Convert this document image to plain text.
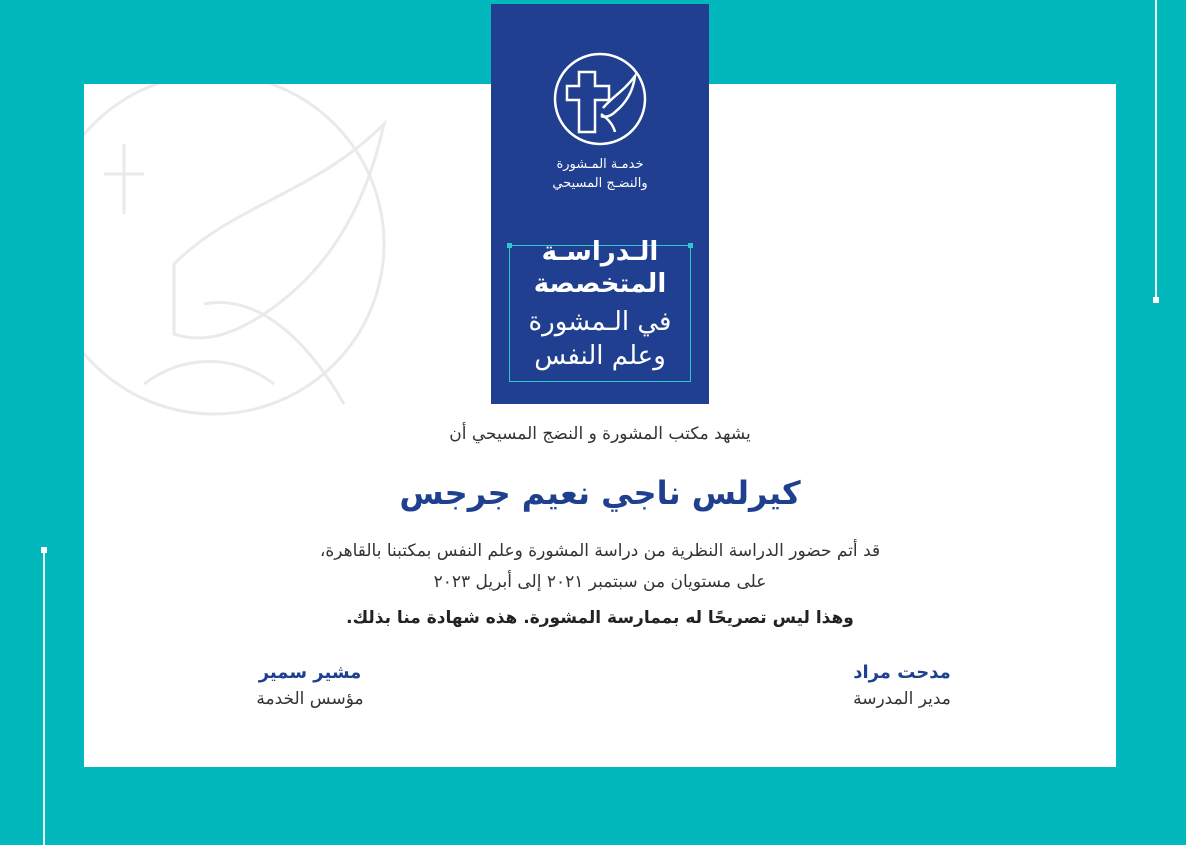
خدمـة المـشورة
والنضـج المسيحي
الـدراسـة
المتخصصة
في الـمشورة
وعلم النفس
يشهد مكتب المشورة و النضج المسيحي أن
كيرلس ناجي نعيم جرجس
قد أتم حضور الدراسة النظرية من دراسة المشورة وعلم النفس بمكتبنا بالقاهرة،
على مستويان من سبتمبر ٢٠٢١ إلى أبريل ٢٠٢٣
وهذا ليس تصريحًا له بممارسة المشورة. هذه شهادة منا بذلك.
مشير سمير
مؤسس الخدمة
مدحت مراد
مدير المدرسة
